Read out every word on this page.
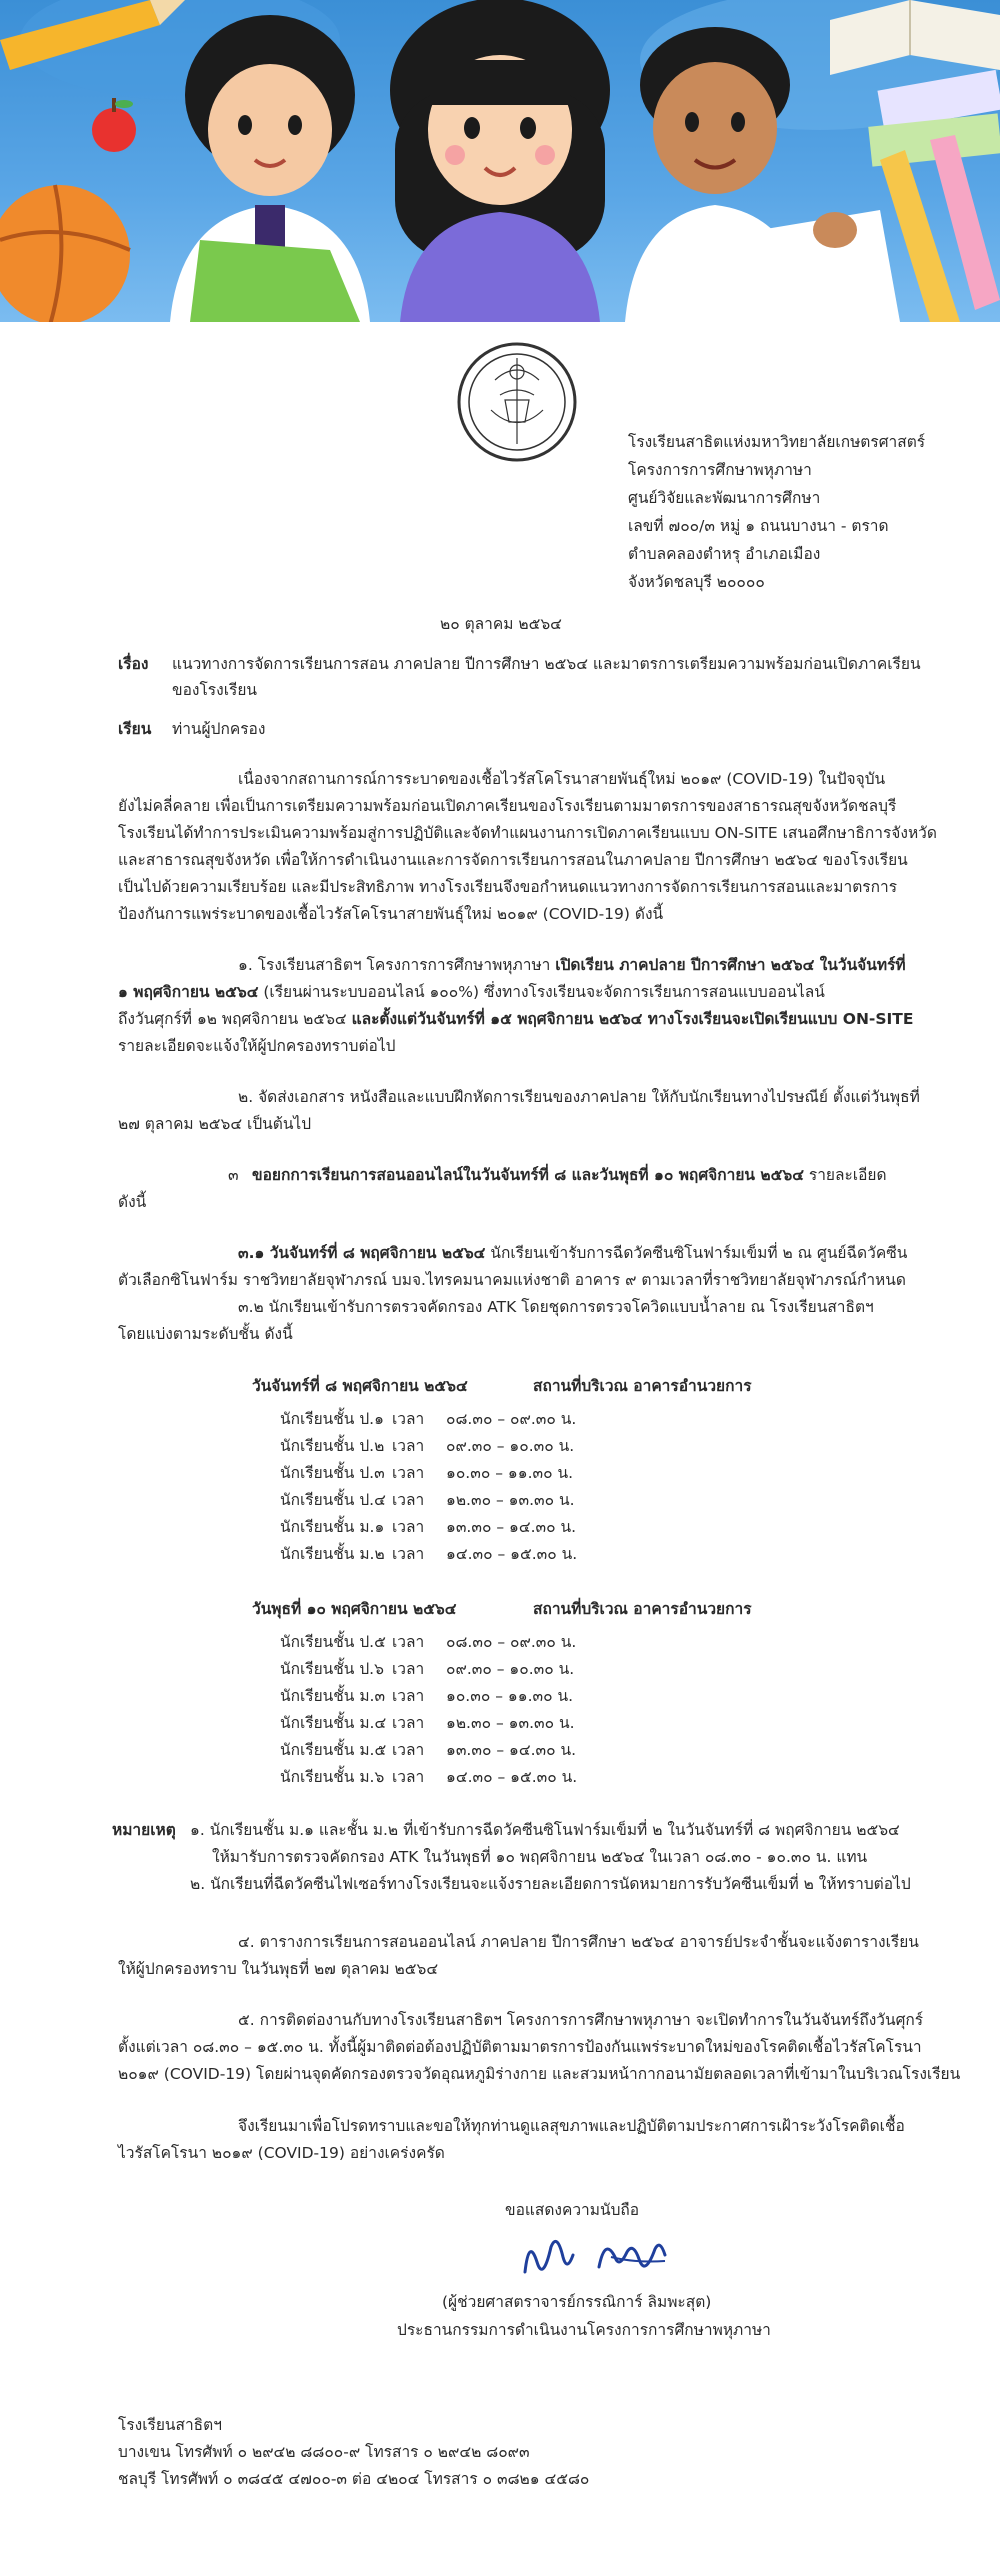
โรงเรียนสาธิตแห่งมหาวิทยาลัยเกษตรศาสตร์
โครงการการศึกษาพหุภาษา
ศูนย์วิจัยและพัฒนาการศึกษา
เลขที่ ๗๐๐/๓ หมู่ ๑ ถนนบางนา - ตราด
ตำบลคลองตำหรุ อำเภอเมือง
จังหวัดชลบุรี ๒๐๐๐๐
๒๐ ตุลาคม ๒๕๖๔
เรื่อง แนวทางการจัดการเรียนการสอน ภาคปลาย ปีการศึกษา ๒๕๖๔ และมาตรการเตรียมความพร้อมก่อนเปิดภาคเรียน
ของโรงเรียน
เรียน ท่านผู้ปกครอง
เนื่องจากสถานการณ์การระบาดของเชื้อไวรัสโคโรนาสายพันธุ์ใหม่ ๒๐๑๙ (COVID-19) ในปัจจุบัน
ยังไม่คลี่คลาย เพื่อเป็นการเตรียมความพร้อมก่อนเปิดภาคเรียนของโรงเรียนตามมาตรการของสาธารณสุขจังหวัดชลบุรี
โรงเรียนได้ทำการประเมินความพร้อมสู่การปฏิบัติและจัดทำแผนงานการเปิดภาคเรียนแบบ ON-SITE เสนอศึกษาธิการจังหวัด
และสาธารณสุขจังหวัด เพื่อให้การดำเนินงานและการจัดการเรียนการสอนในภาคปลาย ปีการศึกษา ๒๕๖๔ ของโรงเรียน
เป็นไปด้วยความเรียบร้อย และมีประสิทธิภาพ ทางโรงเรียนจึงขอกำหนดแนวทางการจัดการเรียนการสอนและมาตรการ
ป้องกันการแพร่ระบาดของเชื้อไวรัสโคโรนาสายพันธุ์ใหม่ ๒๐๑๙ (COVID-19) ดังนี้
๑. โรงเรียนสาธิตฯ โครงการการศึกษาพหุภาษา เปิดเรียน ภาคปลาย ปีการศึกษา ๒๕๖๔ ในวันจันทร์ที่
๑ พฤศจิกายน ๒๕๖๔ (เรียนผ่านระบบออนไลน์ ๑๐๐%) ซึ่งทางโรงเรียนจะจัดการเรียนการสอนแบบออนไลน์
ถึงวันศุกร์ที่ ๑๒ พฤศจิกายน ๒๕๖๔ และตั้งแต่วันจันทร์ที่ ๑๕ พฤศจิกายน ๒๕๖๔ ทางโรงเรียนจะเปิดเรียนแบบ ON-SITE
รายละเอียดจะแจ้งให้ผู้ปกครองทราบต่อไป
๒. จัดส่งเอกสาร หนังสือและแบบฝึกหัดการเรียนของภาคปลาย ให้กับนักเรียนทางไปรษณีย์ ตั้งแต่วันพุธที่
๒๗ ตุลาคม ๒๕๖๔ เป็นต้นไป
๓ ขอยกการเรียนการสอนออนไลน์ในวันจันทร์ที่ ๘ และวันพุธที่ ๑๐ พฤศจิกายน ๒๕๖๔ รายละเอียด
ดังนี้
๓.๑ วันจันทร์ที่ ๘ พฤศจิกายน ๒๕๖๔ นักเรียนเข้ารับการฉีดวัคซีนซิโนฟาร์มเข็มที่ ๒ ณ ศูนย์ฉีดวัคซีน
ตัวเลือกซิโนฟาร์ม ราชวิทยาลัยจุฬาภรณ์ บมจ.ไทรคมนาคมแห่งชาติ อาคาร ๙ ตามเวลาที่ราชวิทยาลัยจุฬาภรณ์กำหนด
๓.๒ นักเรียนเข้ารับการตรวจคัดกรอง ATK โดยชุดการตรวจโควิดแบบน้ำลาย ณ โรงเรียนสาธิตฯ
โดยแบ่งตามระดับชั้น ดังนี้
วันจันทร์ที่ ๘ พฤศจิกายน ๒๕๖๔	สถานที่บริเวณ อาคารอำนวยการ
นักเรียนชั้น ป.๑ เวลา ๐๘.๓๐ – ๐๙.๓๐ น.
นักเรียนชั้น ป.๒ เวลา ๐๙.๓๐ – ๑๐.๓๐ น.
นักเรียนชั้น ป.๓ เวลา ๑๐.๓๐ – ๑๑.๓๐ น.
นักเรียนชั้น ป.๔ เวลา ๑๒.๓๐ – ๑๓.๓๐ น.
นักเรียนชั้น ม.๑ เวลา ๑๓.๓๐ – ๑๔.๓๐ น.
นักเรียนชั้น ม.๒ เวลา ๑๔.๓๐ – ๑๕.๓๐ น.
วันพุธที่ ๑๐ พฤศจิกายน ๒๕๖๔	สถานที่บริเวณ อาคารอำนวยการ
นักเรียนชั้น ป.๕ เวลา ๐๘.๓๐ – ๐๙.๓๐ น.
นักเรียนชั้น ป.๖ เวลา ๐๙.๓๐ – ๑๐.๓๐ น.
นักเรียนชั้น ม.๓ เวลา ๑๐.๓๐ – ๑๑.๓๐ น.
นักเรียนชั้น ม.๔ เวลา ๑๒.๓๐ – ๑๓.๓๐ น.
นักเรียนชั้น ม.๕ เวลา ๑๓.๓๐ – ๑๔.๓๐ น.
นักเรียนชั้น ม.๖ เวลา ๑๔.๓๐ – ๑๕.๓๐ น.
หมายเหตุ ๑. นักเรียนชั้น ม.๑ และชั้น ม.๒ ที่เข้ารับการฉีดวัคซีนซิโนฟาร์มเข็มที่ ๒ ในวันจันทร์ที่ ๘ พฤศจิกายน ๒๕๖๔
ให้มารับการตรวจคัดกรอง ATK ในวันพุธที่ ๑๐ พฤศจิกายน ๒๕๖๔ ในเวลา ๐๘.๓๐ - ๑๐.๓๐ น. แทน
๒. นักเรียนที่ฉีดวัคซีนไฟเซอร์ทางโรงเรียนจะแจ้งรายละเอียดการนัดหมายการรับวัคซีนเข็มที่ ๒ ให้ทราบต่อไป
๔. ตารางการเรียนการสอนออนไลน์ ภาคปลาย ปีการศึกษา ๒๕๖๔ อาจารย์ประจำชั้นจะแจ้งตารางเรียน
ให้ผู้ปกครองทราบ ในวันพุธที่ ๒๗ ตุลาคม ๒๕๖๔
๕. การติดต่องานกับทางโรงเรียนสาธิตฯ โครงการการศึกษาพหุภาษา จะเปิดทำการในวันจันทร์ถึงวันศุกร์
ตั้งแต่เวลา ๐๘.๓๐ – ๑๕.๓๐ น. ทั้งนี้ผู้มาติดต่อต้องปฏิบัติตามมาตรการป้องกันแพร่ระบาดใหม่ของโรคติดเชื้อไวรัสโคโรนา
๒๐๑๙ (COVID-19) โดยผ่านจุดคัดกรองตรวจวัดอุณหภูมิร่างกาย และสวมหน้ากากอนามัยตลอดเวลาที่เข้ามาในบริเวณโรงเรียน
จึงเรียนมาเพื่อโปรดทราบและขอให้ทุกท่านดูแลสุขภาพและปฏิบัติตามประกาศการเฝ้าระวังโรคติดเชื้อ
ไวรัสโคโรนา ๒๐๑๙ (COVID-19) อย่างเคร่งครัด
ขอแสดงความนับถือ
(ผู้ช่วยศาสตราจารย์กรรณิการ์ ลิมพะสุต)
ประธานกรรมการดำเนินงานโครงการการศึกษาพหุภาษา
โรงเรียนสาธิตฯ
บางเขน โทรศัพท์ ๐ ๒๙๔๒ ๘๘๐๐-๙ โทรสาร ๐ ๒๙๔๒ ๘๐๙๓
ชลบุรี โทรศัพท์ ๐ ๓๘๔๕ ๔๗๐๐-๓ ต่อ ๔๒๐๔ โทรสาร ๐ ๓๘๒๑ ๔๕๘๐
